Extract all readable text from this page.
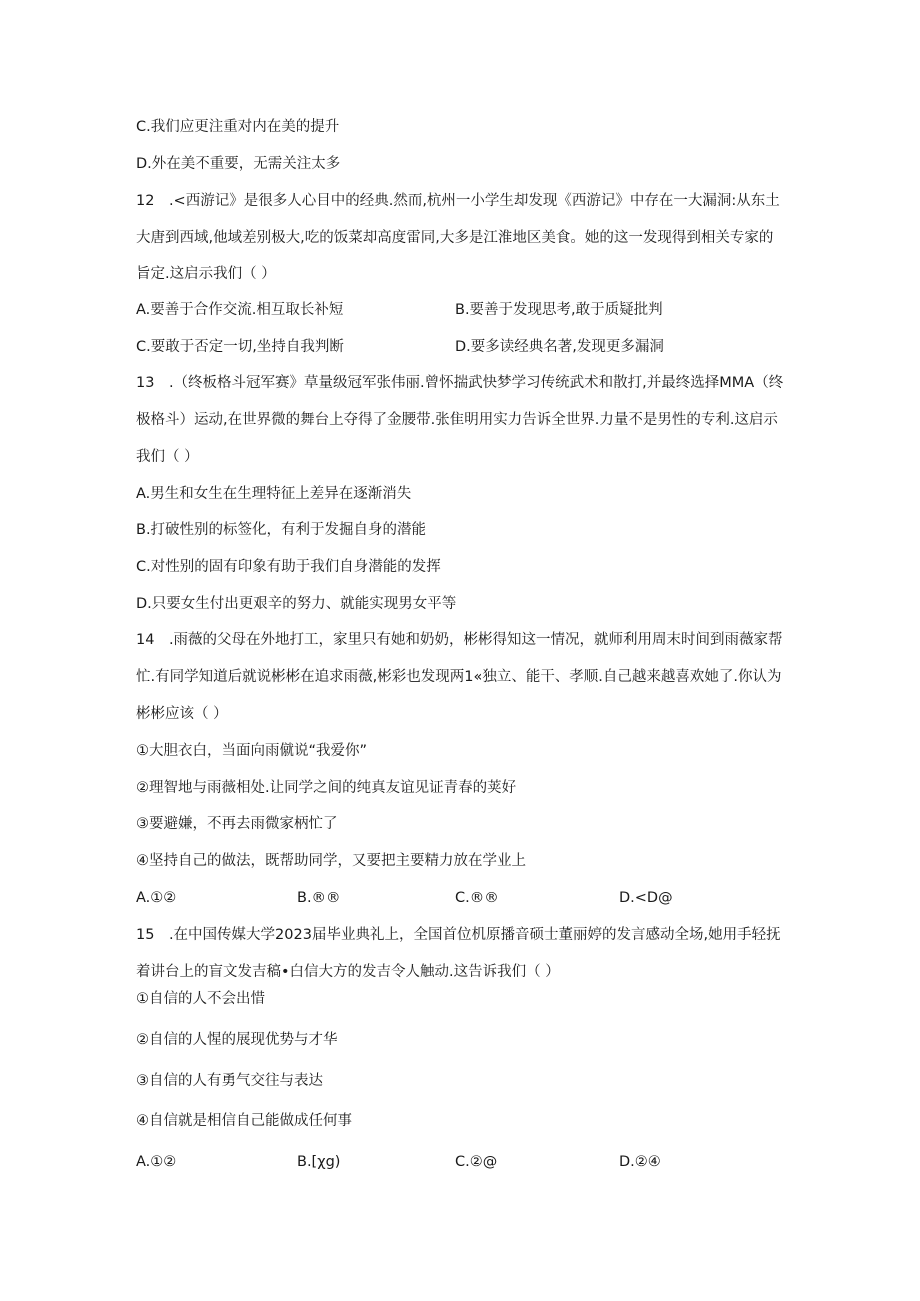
C.我们应更注重对内在美的提升
D.外在美不重要，无需关注太多
12　.<西游记》是很多人心目中的经典.然而,杭州一小学生却发现《西游记》中存在一大漏洞:从东土
大唐到西域,他域差别极大,吃的饭菜却高度雷同,大多是江淮地区美食。她的这一发现得到相关专家的
旨定.这启示我们（ ）
A.要善于合作交流.相互取长补短	B.要善于发现思考,敢于质疑批判
C.要敢于否定一切,坐持自我判断	D.要多读经典名著,发现更多漏洞
13　.（终板格斗冠军赛》草量级冠军张伟丽.曾怀揣武快梦学习传统武术和散打,并最终选择MMA（终
极格斗）运动,在世界微的舞台上夺得了金腰带.张隹明用实力告诉全世界.力量不是男性的专利.这启示
我们（ ）
A.男生和女生在生理特征上差异在逐渐消失
B.打破性别的标签化，有利于发掘自身的潜能
C.对性别的固有印象有助于我们自身潜能的发挥
D.只要女生付出更艰辛的努力、就能实现男女平等
14　.雨薇的父母在外地打工，家里只有她和奶奶，彬彬得知这一情况，就师利用周末时间到雨薇家帮
忙.有同学知道后就说彬彬在追求雨薇,彬彩也发现两1«独立、能干、孝顺.自己越来越喜欢她了.你认为
彬彬应该（ ）
①大胆衣白，当面向雨僦说“我爱你”
②理智地与雨薇相处.让同学之间的纯真友谊见证青春的荚好
③要避嫌，不再去雨微家柄忙了
④坚持自己的做法，既帮助同学，又要把主要精力放在学业上
A.①②	B.®®	C.®®	D.<D@
15　.在中国传媒大学2023届毕业典礼上，全国首位机原播音硕士董丽婷的发言感动全场,她用手轻抚
着讲台上的盲文发吉稿•白信大方的发吉令人触动.这告诉我们（ ）
①自信的人不会出惜
②自信的人惺的展现优势与才华
③自信的人有勇气交往与表达
④自信就是相信自己能做成任何事
A.①②	B.[χg)	C.②@	D.②④
